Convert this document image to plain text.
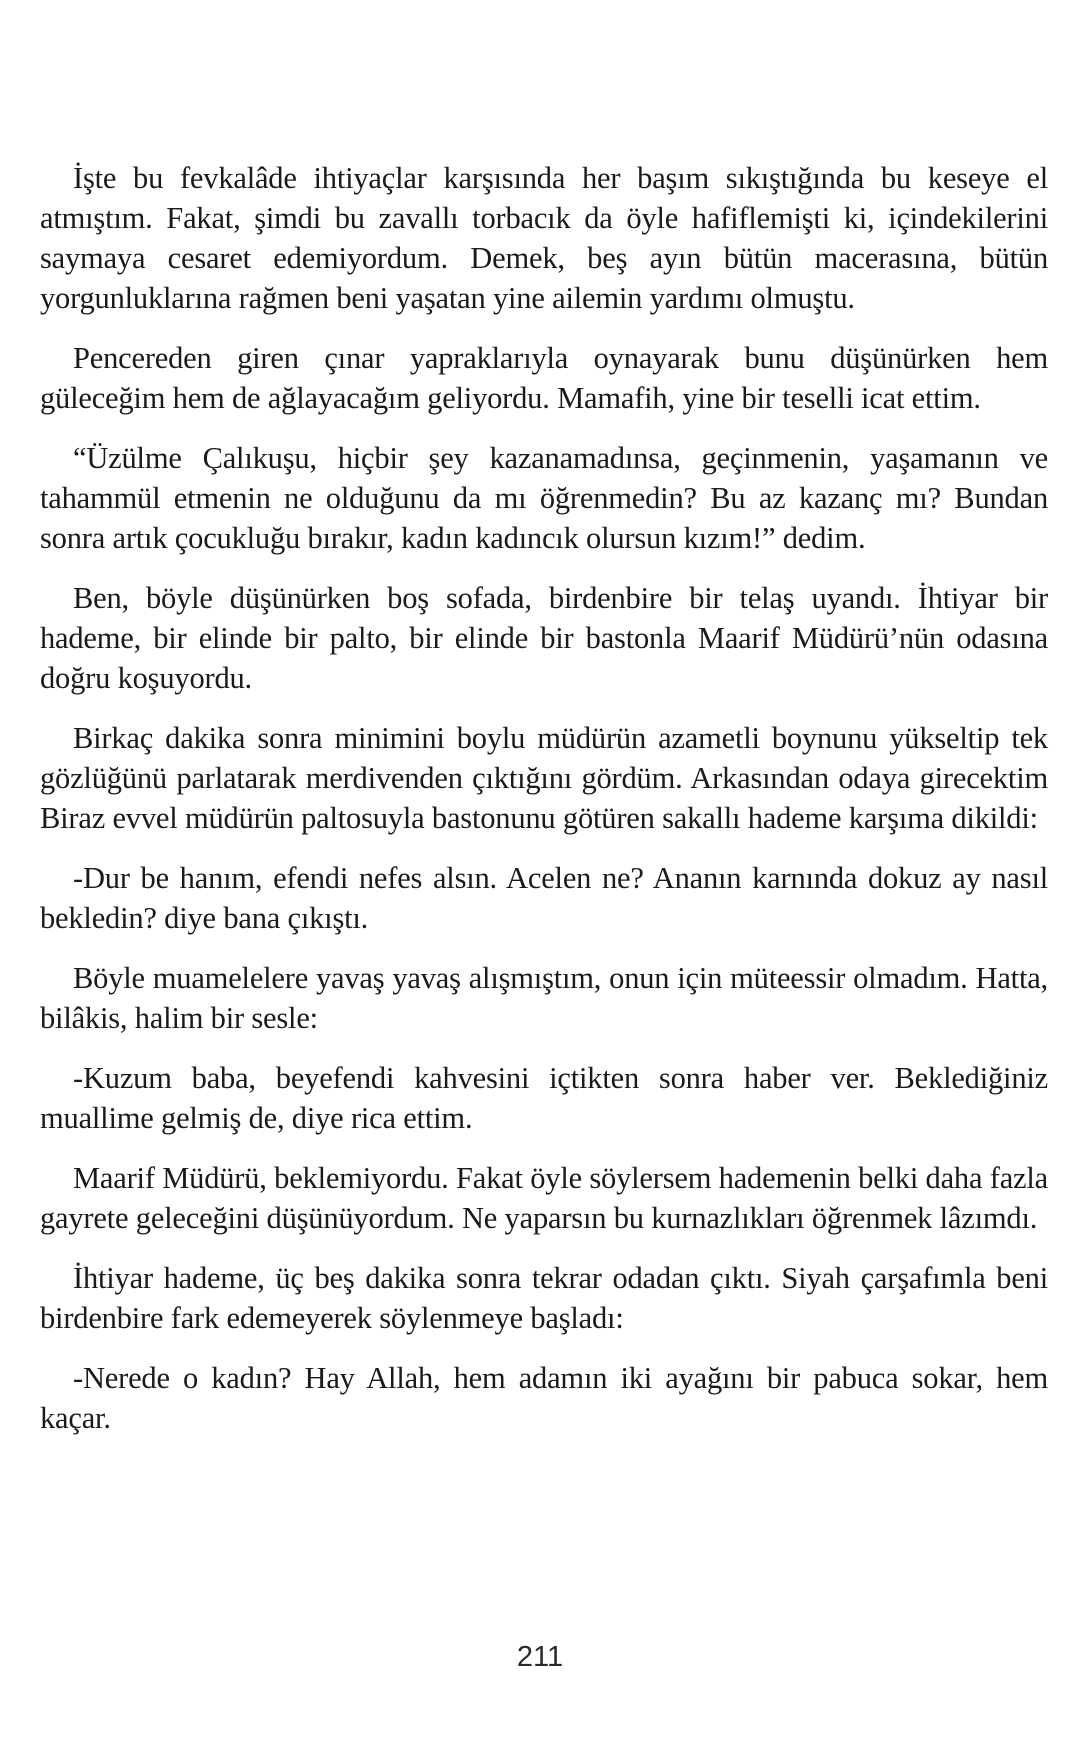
İşte bu fevkalâde ihtiyaçlar karşısında her başım sıkıştığında bu keseye el atmıştım. Fakat, şimdi bu zavallı torbacık da öyle hafiflemişti ki, içindekilerini saymaya cesaret edemiyordum. Demek, beş ayın bütün macerasına, bütün yorgunluklarına rağmen beni yaşatan yine ailemin yardımı olmuştu.

Pencereden giren çınar yapraklarıyla oynayarak bunu düşünürken hem güleceğim hem de ağlayacağım geliyordu. Mamafih, yine bir teselli icat ettim.

“Üzülme Çalıkuşu, hiçbir şey kazanamadınsa, geçinmenin, yaşamanın ve tahammül etmenin ne olduğunu da mı öğrenmedin? Bu az kazanç mı? Bundan sonra artık çocukluğu bırakır, kadın kadıncık olursun kızım!” dedim.

Ben, böyle düşünürken boş sofada, birdenbire bir telaş uyandı. İhtiyar bir hademe, bir elinde bir palto, bir elinde bir bastonla Maarif Müdürü’nün odasına doğru koşuyordu.

Birkaç dakika sonra minimini boylu müdürün azametli boynunu yükseltip tek gözlüğünü parlatarak merdivenden çıktığını gördüm. Arkasından odaya girecektim Biraz evvel müdürün paltosuyla bastonunu götüren sakallı hademe karşıma dikildi:

-Dur be hanım, efendi nefes alsın. Acelen ne? Ananın karnında dokuz ay nasıl bekledin? diye bana çıkıştı.

Böyle muamelelere yavaş yavaş alışmıştım, onun için müteessir olmadım. Hatta, bilâkis, halim bir sesle:

-Kuzum baba, beyefendi kahvesini içtikten sonra haber ver. Beklediğiniz muallime gelmiş de, diye rica ettim.

Maarif Müdürü, beklemiyordu. Fakat öyle söylersem hademenin belki daha fazla gayrete geleceğini düşünüyordum. Ne yaparsın bu kurnazlıkları öğrenmek lâzımdı.

İhtiyar hademe, üç beş dakika sonra tekrar odadan çıktı. Siyah çarşafımla beni birdenbire fark edemeyerek söylenmeye başladı:

-Nerede o kadın? Hay Allah, hem adamın iki ayağını bir pabuca sokar, hem kaçar.

211
